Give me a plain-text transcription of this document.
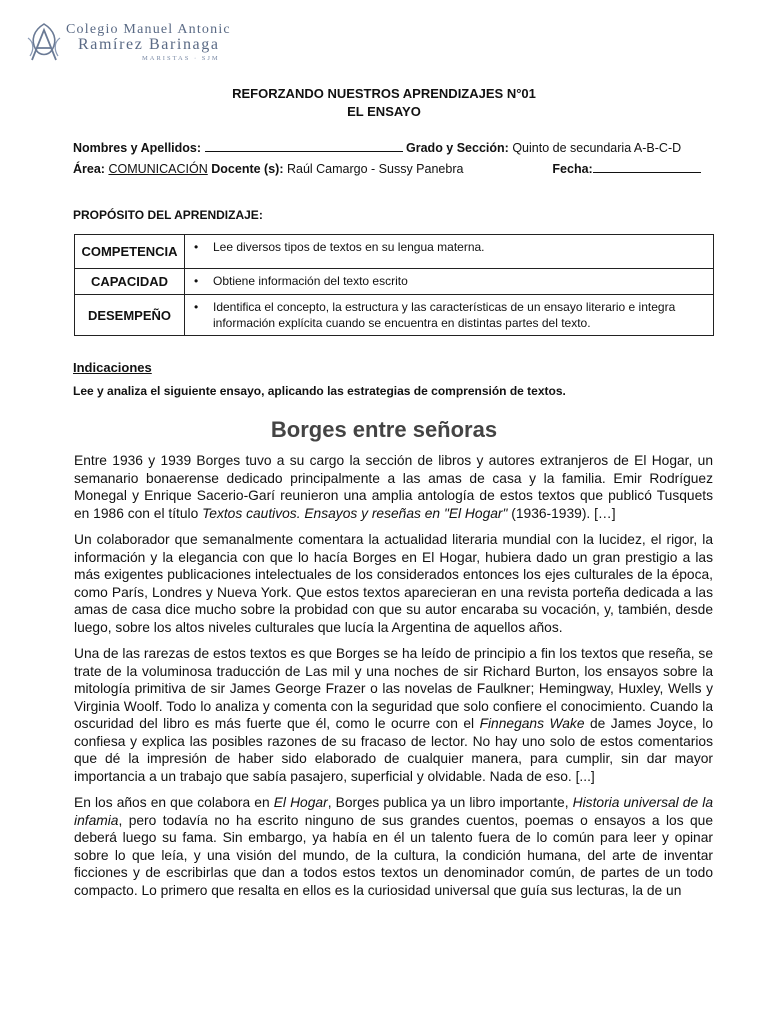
Colegio Manuel Antonic
Ramírez Barinaga
MARISTAS · SJM
REFORZANDO NUESTROS APRENDIZAJES N°01
EL ENSAYO
Nombres y Apellidos:	Grado y Sección: Quinto de secundaria A-B-C-D
Área: COMUNICACIÓN Docente (s): Raúl Camargo - Sussy Panebra	Fecha:
PROPÓSITO DEL APRENDIZAJE:
COMPETENCIA	• Lee diversos tipos de textos en su lengua materna.
CAPACIDAD	• Obtiene información del texto escrito
DESEMPEÑO	• Identifica el concepto, la estructura y las características de un ensayo literario e integra información explícita cuando se encuentra en distintas partes del texto.
Indicaciones
Lee y analiza el siguiente ensayo, aplicando las estrategias de comprensión de textos.
Borges entre señoras

Entre 1936 y 1939 Borges tuvo a su cargo la sección de libros y autores extranjeros de El Hogar, un semanario bonaerense dedicado principalmente a las amas de casa y la familia. Emir Rodríguez Monegal y Enrique Sacerio-Garí reunieron una amplia antología de estos textos que publicó Tusquets en 1986 con el título Textos cautivos. Ensayos y reseñas en "El Hogar" (1936-1939). […]

Un colaborador que semanalmente comentara la actualidad literaria mundial con la lucidez, el rigor, la información y la elegancia con que lo hacía Borges en El Hogar, hubiera dado un gran prestigio a las más exigentes publicaciones intelectuales de los considerados entonces los ejes culturales de la época, como París, Londres y Nueva York. Que estos textos aparecieran en una revista porteña dedicada a las amas de casa dice mucho sobre la probidad con que su autor encaraba su vocación, y, también, desde luego, sobre los altos niveles culturales que lucía la Argentina de aquellos años.

Una de las rarezas de estos textos es que Borges se ha leído de principio a fin los textos que reseña, se trate de la voluminosa traducción de Las mil y una noches de sir Richard Burton, los ensayos sobre la mitología primitiva de sir James George Frazer o las novelas de Faulkner; Hemingway, Huxley, Wells y Virginia Woolf. Todo lo analiza y comenta con la seguridad que solo confiere el conocimiento. Cuando la oscuridad del libro es más fuerte que él, como le ocurre con el Finnegans Wake de James Joyce, lo confiesa y explica las posibles razones de su fracaso de lector. No hay uno solo de estos comentarios que dé la impresión de haber sido elaborado de cualquier manera, para cumplir, sin dar mayor importancia a un trabajo que sabía pasajero, superficial y olvidable. Nada de eso. [...]

En los años en que colabora en El Hogar, Borges publica ya un libro importante, Historia universal de la infamia, pero todavía no ha escrito ninguno de sus grandes cuentos, poemas o ensayos a los que deberá luego su fama. Sin embargo, ya había en él un talento fuera de lo común para leer y opinar sobre lo que leía, y una visión del mundo, de la cultura, la condición humana, del arte de inventar ficciones y de escribirlas que dan a todos estos textos un denominador común, de partes de un todo compacto. Lo primero que resalta en ellos es la curiosidad universal que guía sus lecturas, la de un
